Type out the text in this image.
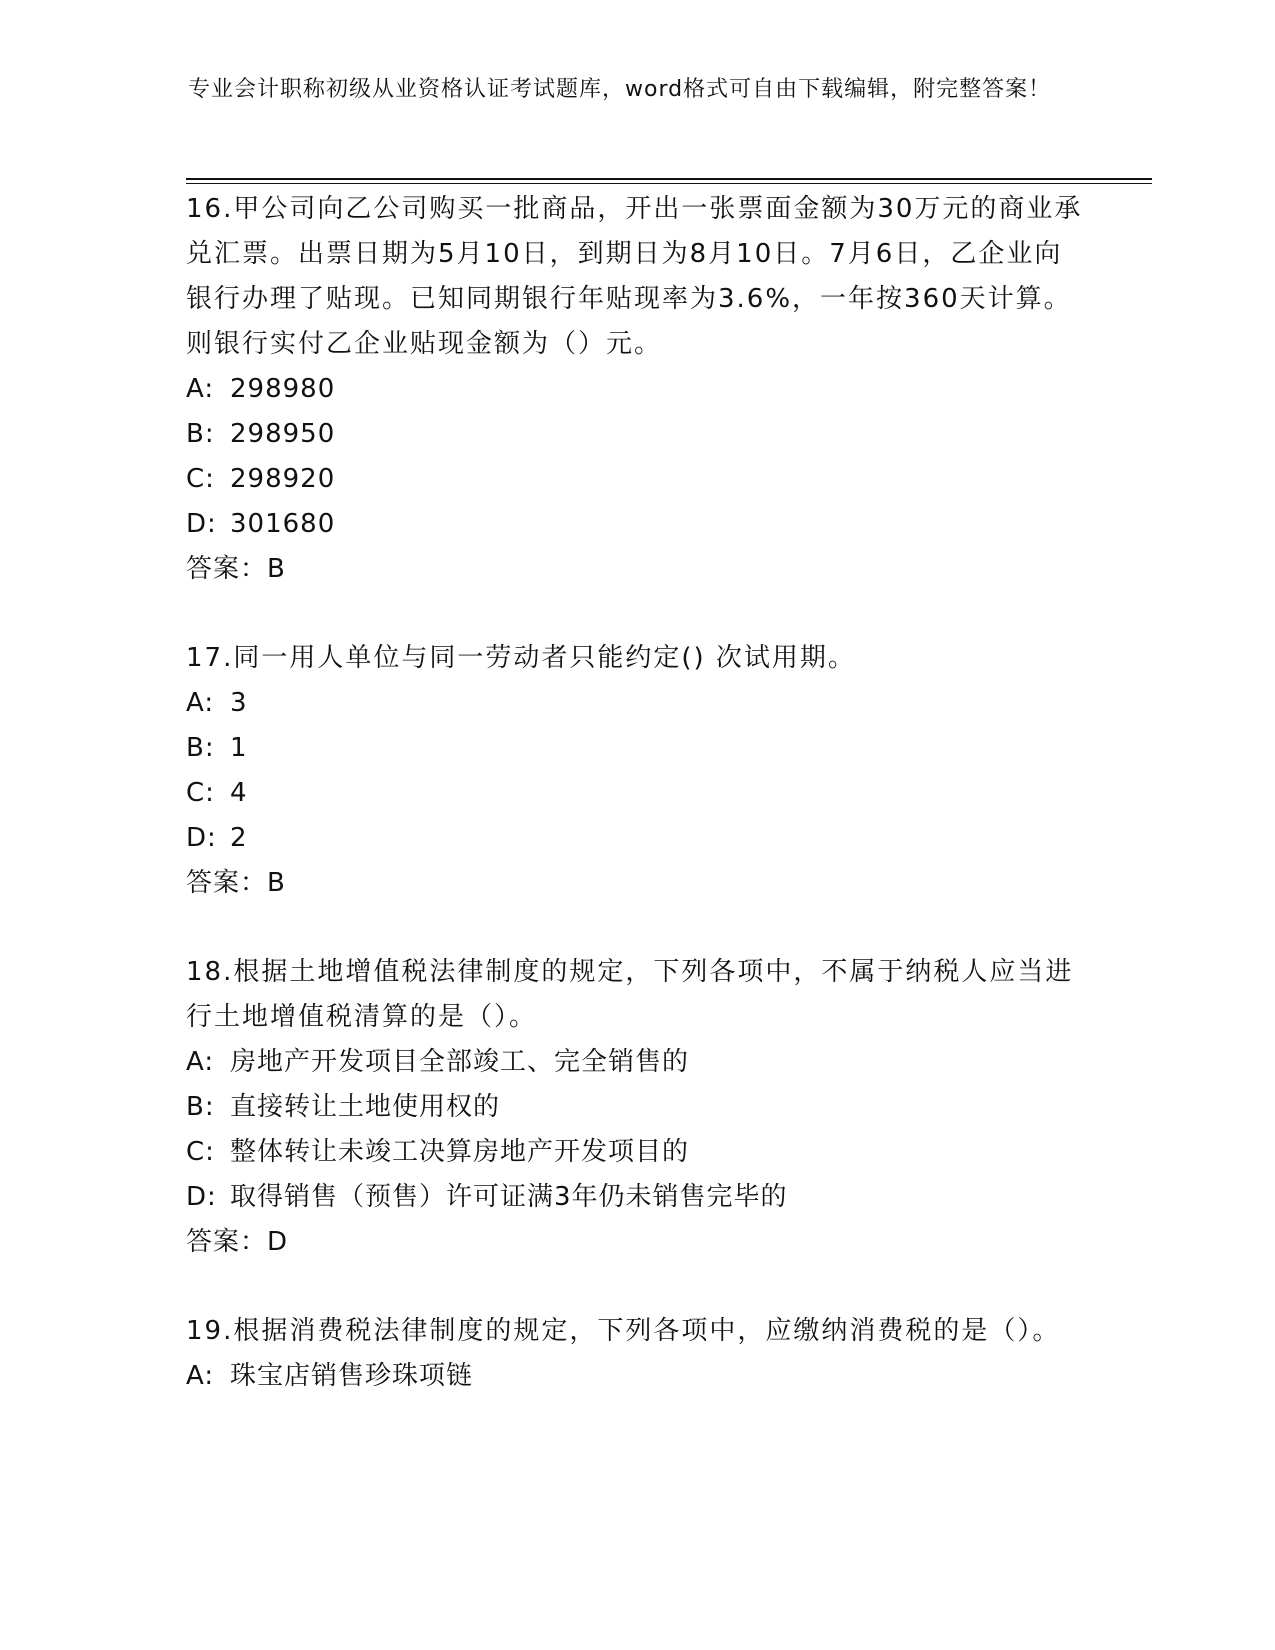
专业会计职称初级从业资格认证考试题库，word格式可自由下载编辑，附完整答案！
16.甲公司向乙公司购买一批商品，开出一张票面金额为30万元的商业承兑汇票。出票日期为5月10日，到期日为8月10日。7月6日，乙企业向银行办理了贴现。已知同期银行年贴现率为3.6%，一年按360天计算。则银行实付乙企业贴现金额为（）元。
A: 298980
B: 298950
C: 298920
D: 301680
答案：B
17.同一用人单位与同一劳动者只能约定() 次试用期。
A: 3
B: 1
C: 4
D: 2
答案：B
18.根据土地增值税法律制度的规定，下列各项中，不属于纳税人应当进行土地增值税清算的是（）。
A: 房地产开发项目全部竣工、完全销售的
B: 直接转让土地使用权的
C: 整体转让未竣工决算房地产开发项目的
D: 取得销售（预售）许可证满3年仍未销售完毕的
答案：D
19.根据消费税法律制度的规定，下列各项中，应缴纳消费税的是（）。
A: 珠宝店销售珍珠项链
